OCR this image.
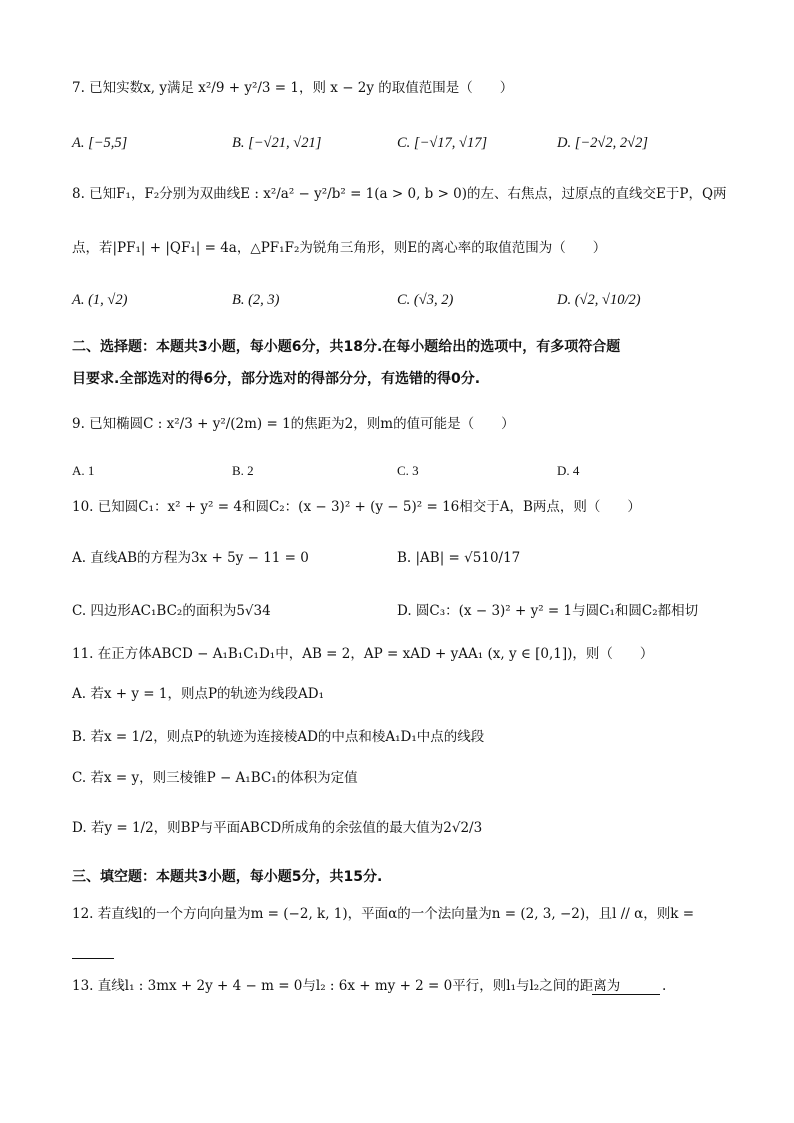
7. 已知实数x, y满足 x²/9 + y²/3 = 1，则 x − 2y 的取值范围是（　　）
A. [−5,5]	B. [−√21, √21]	C. [−√17, √17]	D. [−2√2, 2√2]
8. 已知F₁，F₂分别为双曲线E : x²/a² − y²/b² = 1(a > 0, b > 0)的左、右焦点，过原点的直线交E于P，Q两
点，若|PF₁| + |QF₁| = 4a，△PF₁F₂为锐角三角形，则E的离心率的取值范围为（　　）
A. (1, √2)	B. (2, 3)	C. (√3, 2)	D. (√2, √10/2)
二、选择题：本题共3小题，每小题6分，共18分.在每小题给出的选项中，有多项符合题
目要求.全部选对的得6分，部分选对的得部分分，有选错的得0分.
9. 已知椭圆C : x²/3 + y²/(2m) = 1的焦距为2，则m的值可能是（　　）
A. 1	B. 2	C. 3	D. 4
10. 已知圆C₁：x² + y² = 4和圆C₂：(x − 3)² + (y − 5)² = 16相交于A，B两点，则（　　）
A. 直线AB的方程为3x + 5y − 11 = 0	B. |AB| = √510/17
C. 四边形AC₁BC₂的面积为5√34	D. 圆C₃：(x − 3)² + y² = 1与圆C₁和圆C₂都相切
11. 在正方体ABCD − A₁B₁C₁D₁中，AB = 2，AP = xAD + yAA₁ (x, y ∈ [0,1])，则（　　）
A. 若x + y = 1，则点P的轨迹为线段AD₁
B. 若x = 1/2，则点P的轨迹为连接棱AD的中点和棱A₁D₁中点的线段
C. 若x = y，则三棱锥P − A₁BC₁的体积为定值
D. 若y = 1/2，则BP与平面ABCD所成角的余弦值的最大值为2√2/3
三、填空题：本题共3小题，每小题5分，共15分.
12. 若直线l的一个方向向量为m = (−2, k, 1)，平面α的一个法向量为n = (2, 3, −2)，且l // α，则k =
13. 直线l₁ : 3mx + 2y + 4 − m = 0与l₂ : 6x + my + 2 = 0平行，则l₁与l₂之间的距离为	.
